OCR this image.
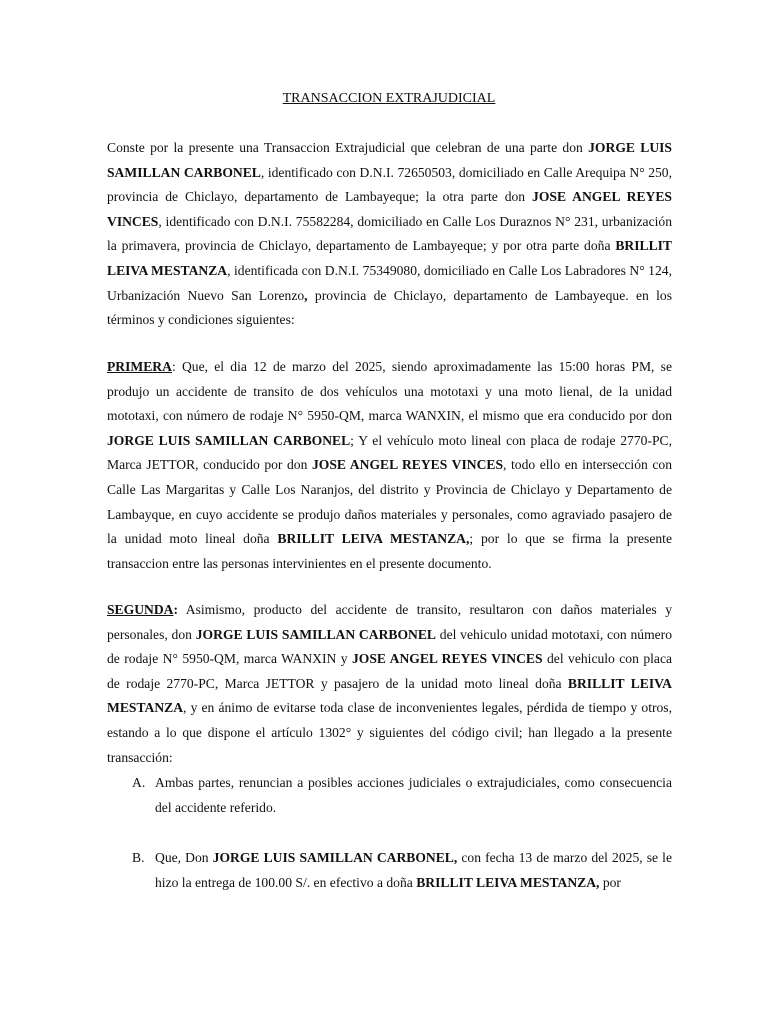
TRANSACCION EXTRAJUDICIAL

Conste por la presente una Transaccion Extrajudicial que celebran de una parte don JORGE LUIS SAMILLAN CARBONEL, identificado con D.N.I. 72650503, domiciliado en Calle Arequipa N° 250, provincia de Chiclayo, departamento de Lambayeque; la otra parte don JOSE ANGEL REYES VINCES, identificado con D.N.I. 75582284, domiciliado en Calle Los Duraznos N° 231, urbanización la primavera, provincia de Chiclayo, departamento de Lambayeque; y por otra parte doña BRILLIT LEIVA MESTANZA, identificada con D.N.I. 75349080, domiciliado en Calle Los Labradores N° 124, Urbanización Nuevo San Lorenzo, provincia de Chiclayo, departamento de Lambayeque. en los términos y condiciones siguientes:

PRIMERA: Que, el dia 12 de marzo del 2025, siendo aproximadamente las 15:00 horas PM, se produjo un accidente de transito de dos vehículos una mototaxi y una moto lienal, de la unidad mototaxi, con número de rodaje N° 5950-QM, marca WANXIN, el mismo que era conducido por don JORGE LUIS SAMILLAN CARBONEL; Y el vehículo moto lineal con placa de rodaje 2770-PC, Marca JETTOR, conducido por don JOSE ANGEL REYES VINCES, todo ello en intersección con Calle Las Margaritas y Calle Los Naranjos, del distrito y Provincia de Chiclayo y Departamento de Lambayque, en cuyo accidente se produjo daños materiales y personales, como agraviado pasajero de la unidad moto lineal doña BRILLIT LEIVA MESTANZA,; por lo que se firma la presente transaccion entre las personas intervinientes en el presente documento.

SEGUNDA: Asimismo, producto del accidente de transito, resultaron con daños materiales y personales, don JORGE LUIS SAMILLAN CARBONEL del vehiculo unidad mototaxi, con número de rodaje N° 5950-QM, marca WANXIN y JOSE ANGEL REYES VINCES del vehiculo con placa de rodaje 2770-PC, Marca JETTOR y pasajero de la unidad moto lineal doña BRILLIT LEIVA MESTANZA, y en ánimo de evitarse toda clase de inconvenientes legales, pérdida de tiempo y otros, estando a lo que dispone el artículo 1302° y siguientes del código civil; han llegado a la presente transacción:

A. Ambas partes, renuncian a posibles acciones judiciales o extrajudiciales, como consecuencia del accidente referido.

B. Que, Don JORGE LUIS SAMILLAN CARBONEL, con fecha 13 de marzo del 2025, se le hizo la entrega de 100.00 S/. en efectivo a doña BRILLIT LEIVA MESTANZA, por
